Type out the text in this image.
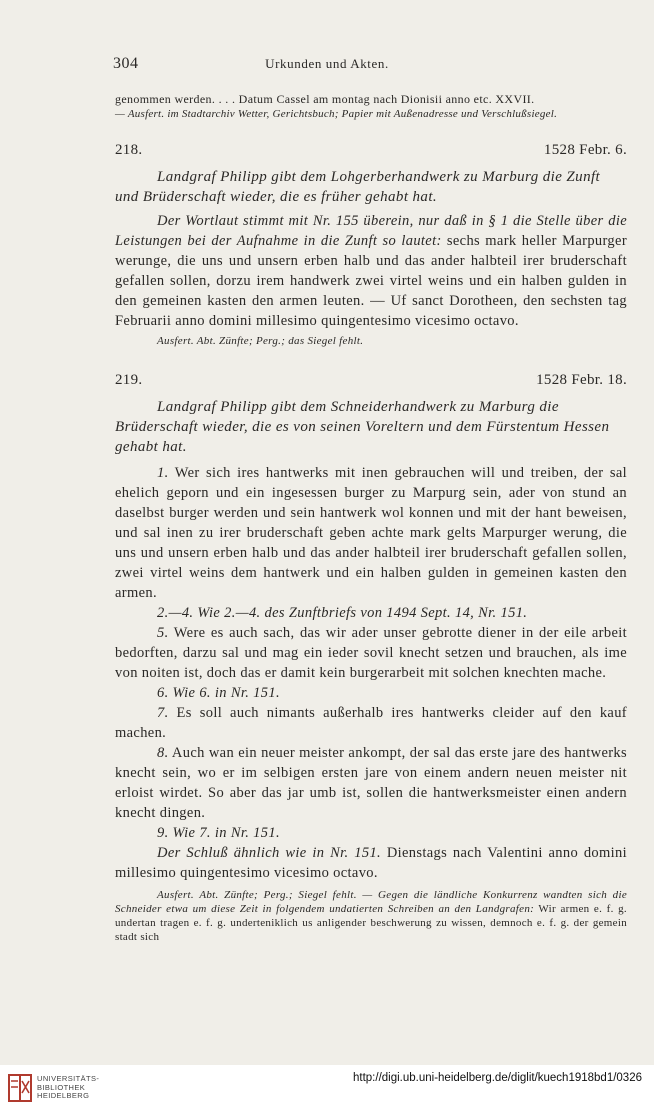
304	Urkunden und Akten.

genommen werden. . . . Datum Cassel am montag nach Dionisii anno etc. XXVII.

— Ausfert. im Stadtarchiv Wetter, Gerichtsbuch; Papier mit Außenadresse und Verschlußsiegel.

218.	1528 Febr. 6.

Landgraf Philipp gibt dem Lohgerberhandwerk zu Marburg die Zunft und Brüderschaft wieder, die es früher gehabt hat.

Der Wortlaut stimmt mit Nr. 155 überein, nur daß in § 1 die Stelle über die Leistungen bei der Aufnahme in die Zunft so lautet: sechs mark heller Marpurger werunge, die uns und unsern erben halb und das ander halbteil irer bruderschaft gefallen sollen, dorzu irem handwerk zwei virtel weins und ein halben gulden in den gemeinen kasten den armen leuten. — Uf sanct Dorotheen, den sechsten tag Februarii anno domini millesimo quingentesimo vicesimo octavo.

Ausfert. Abt. Zünfte; Perg.; das Siegel fehlt.

219.	1528 Febr. 18.

Landgraf Philipp gibt dem Schneiderhandwerk zu Marburg die Brüderschaft wieder, die es von seinen Voreltern und dem Fürstentum Hessen gehabt hat.

1. Wer sich ires hantwerks mit inen gebrauchen will und treiben, der sal ehelich geporn und ein ingesessen burger zu Marpurg sein, ader von stund an daselbst burger werden und sein hantwerk wol konnen und mit der hant beweisen, und sal inen zu irer bruderschaft geben achte mark gelts Marpurger werung, die uns und unsern erben halb und das ander halbteil irer bruderschaft gefallen sollen, zwei virtel weins dem hantwerk und ein halben gulden in gemeinen kasten den armen.

2.—4. Wie 2.—4. des Zunftbriefs von 1494 Sept. 14, Nr. 151.

5. Were es auch sach, das wir ader unser gebrotte diener in der eile arbeit bedorften, darzu sal und mag ein ieder sovil knecht setzen und brauchen, als ime von noiten ist, doch das er damit kein burgerarbeit mit solchen knechten mache.

6. Wie 6. in Nr. 151.

7. Es soll auch nimants außerhalb ires hantwerks cleider auf den kauf machen.

8. Auch wan ein neuer meister ankompt, der sal das erste jare des hantwerks knecht sein, wo er im selbigen ersten jare von einem andern neuen meister nit erloist wirdet. So aber das jar umb ist, sollen die hantwerksmeister einen andern knecht dingen.

9. Wie 7. in Nr. 151.

Der Schluß ähnlich wie in Nr. 151. Dienstags nach Valentini anno domini millesimo quingentesimo vicesimo octavo.

Ausfert. Abt. Zünfte; Perg.; Siegel fehlt. — Gegen die ländliche Konkurrenz wandten sich die Schneider etwa um diese Zeit in folgendem undatierten Schreiben an den Landgrafen: Wir armen e. f. g. undertan tragen e. f. g. underteniklich us anligender beschwerung zu wissen, demnoch e. f. g. der gemein stadt sich

UNIVERSITÄTS-
BIBLIOTHEK
HEIDELBERG
http://digi.ub.uni-heidelberg.de/diglit/kuech1918bd1/0326
